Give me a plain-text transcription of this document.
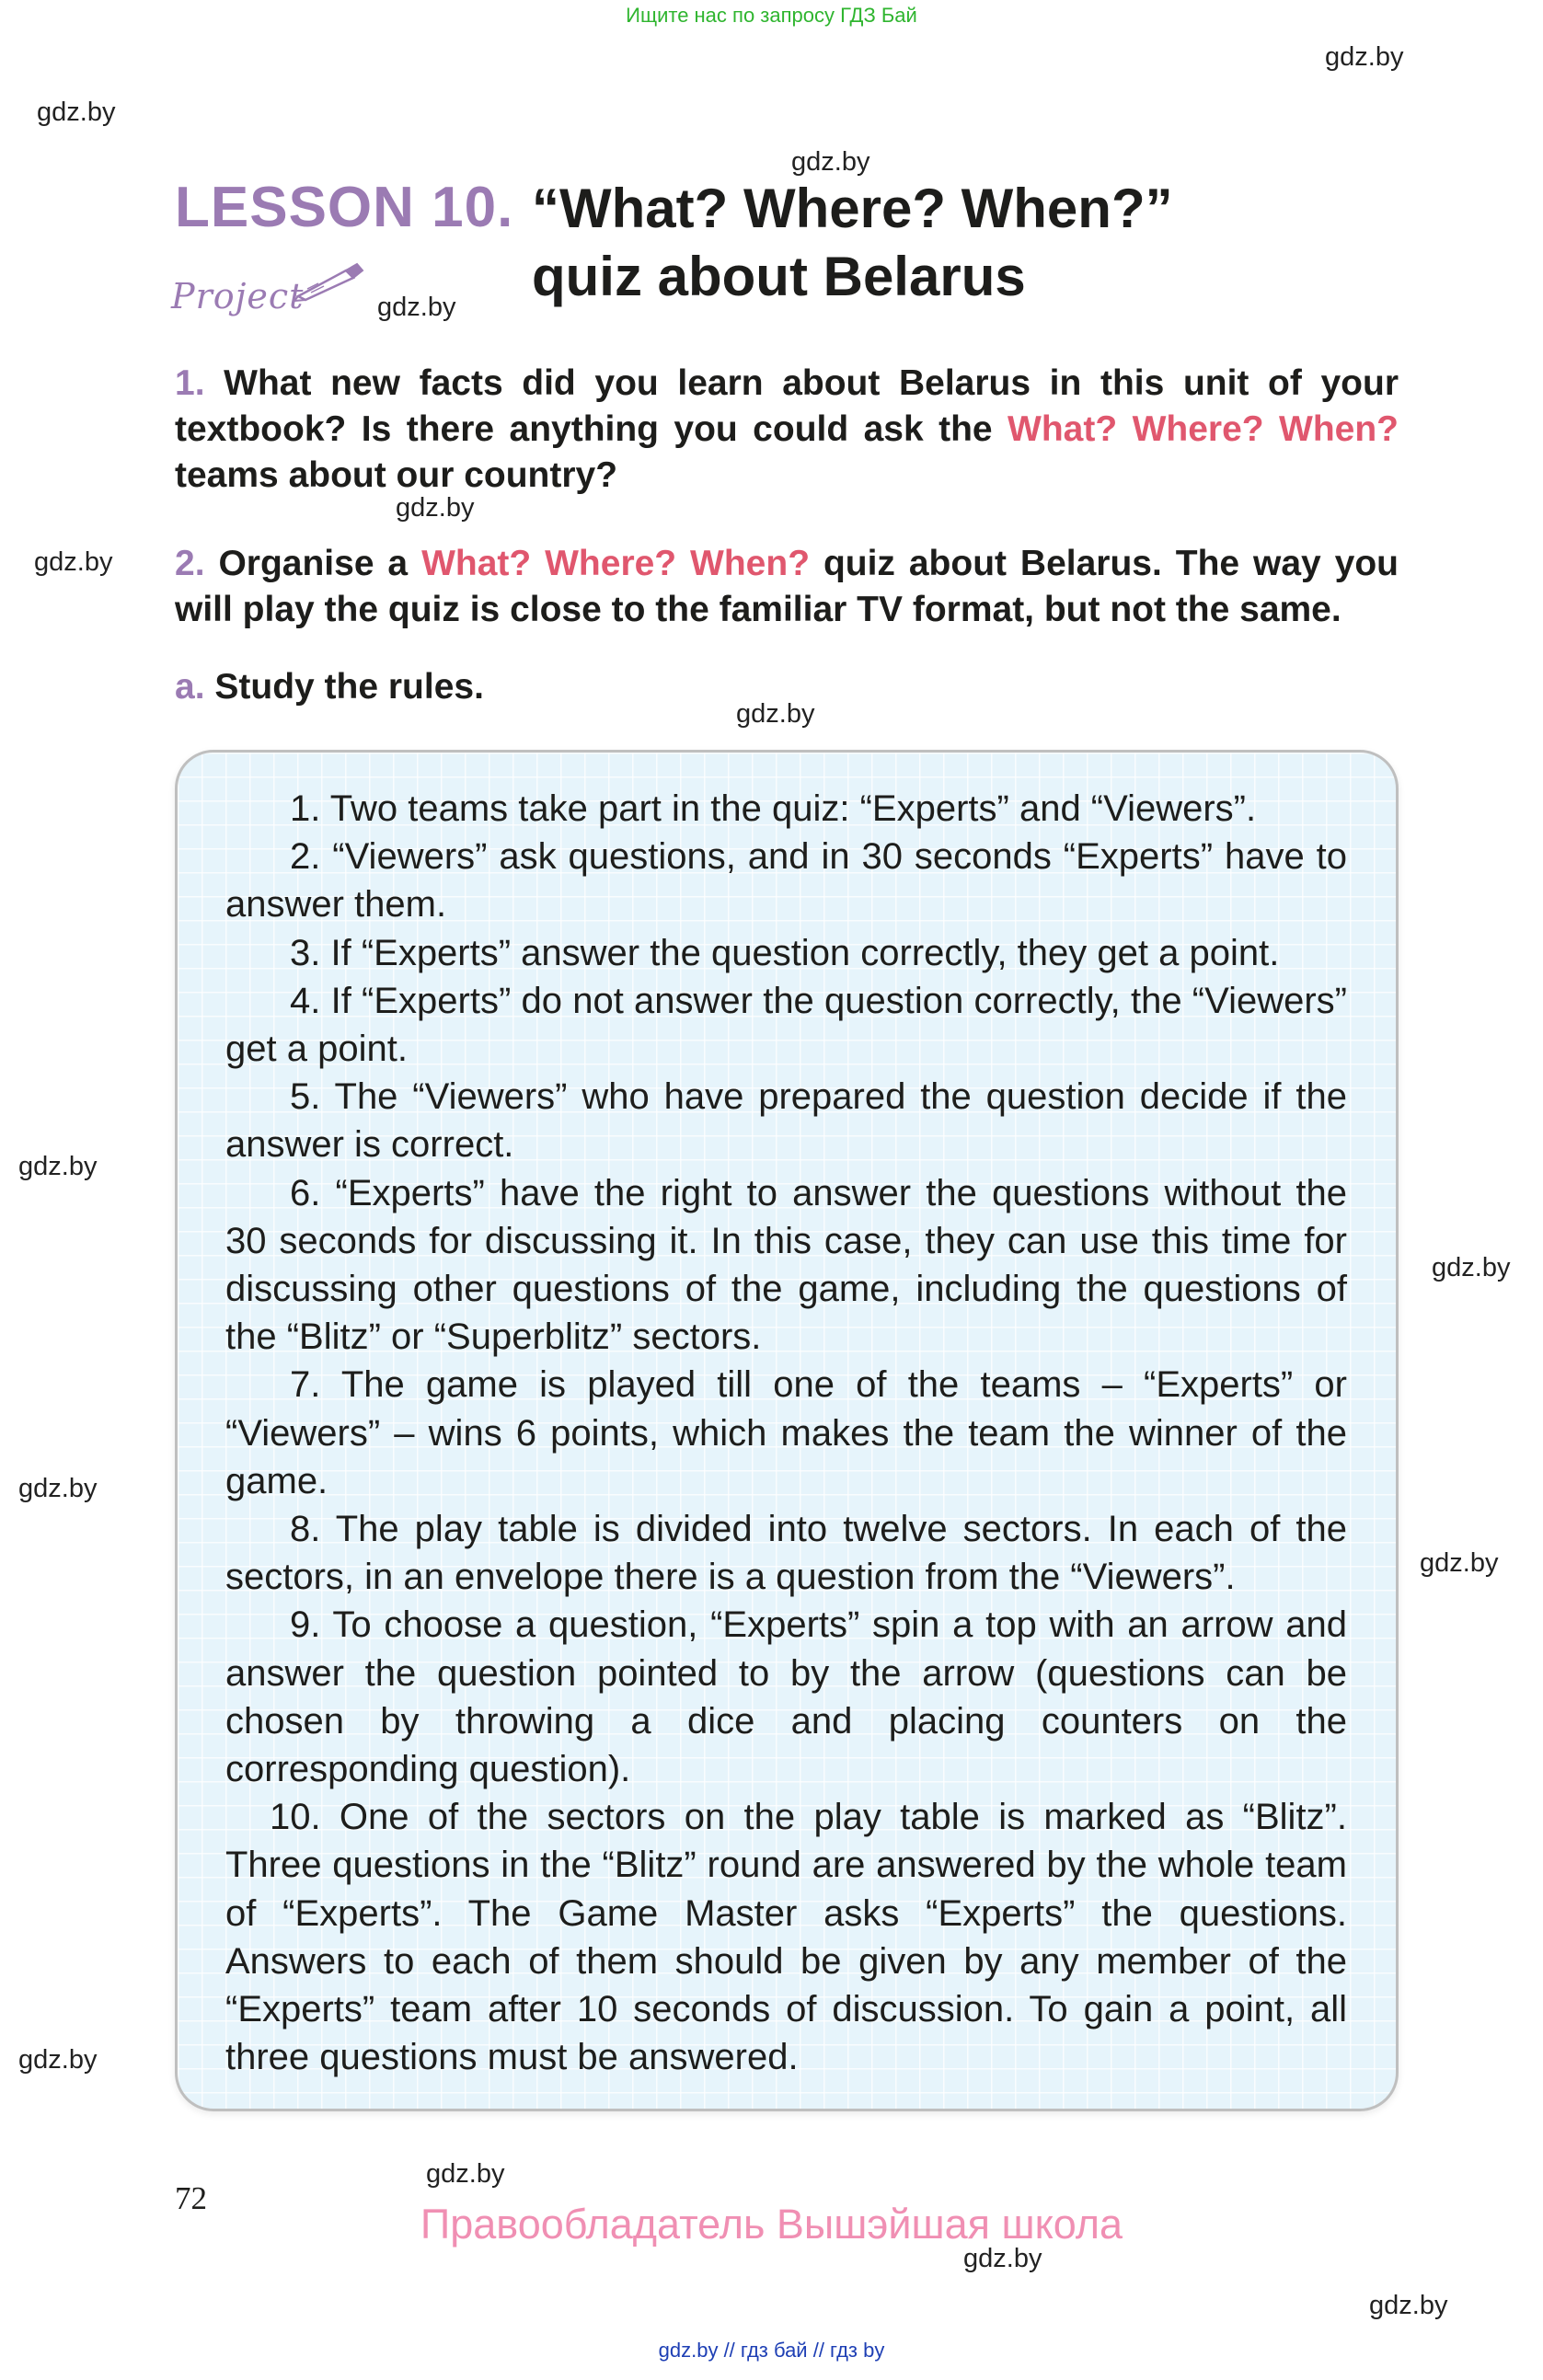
Ищите нас по запросу ГДЗ Бай
gdz.by
gdz.by
gdz.by
gdz.by
gdz.by
gdz.by
gdz.by
gdz.by
gdz.by
gdz.by
gdz.by
gdz.by
gdz.by
gdz.by
gdz.by
LESSON 10. “What? Where? When?”
quiz about Belarus
Project
1. What new facts did you learn about Belarus in this unit of your textbook? Is there anything you could ask the What? Where? When? teams about our country?
2. Organise a What? Where? When? quiz about Belarus. The way you will play the quiz is close to the familiar TV format, but not the same.
a. Study the rules.

1. Two teams take part in the quiz: “Experts” and “Viewers”.

2. “Viewers” ask questions, and in 30 seconds “Experts” have to answer them.

3. If “Experts” answer the question correctly, they get a point.

4. If “Experts” do not answer the question correctly, the “Viewers” get a point.

5. The “Viewers” who have prepared the question decide if the answer is correct.

6. “Experts” have the right to answer the questions without the 30 seconds for discussing it. In this case, they can use this time for discussing other questions of the game, including the questions of the “Blitz” or “Superblitz” sectors.

7. The game is played till one of the teams – “Experts” or “Viewers” – wins 6 points, which makes the team the winner of the game.

8. The play table is divided into twelve sectors. In each of the sectors, in an envelope there is a question from the “Viewers”.

9. To choose a question, “Experts” spin a top with an arrow and answer the question pointed to by the arrow (questions can be chosen by throwing a dice and placing counters on the corresponding question).

10. One of the sectors on the play table is marked as “Blitz”. Three questions in the “Blitz” round are answered by the whole team of “Experts”. The Game Master asks “Experts” the questions. Answers to each of them should be given by any member of the “Experts” team after 10 seconds of discussion. To gain a point, all three questions must be answered.

72
Правообладатель Вышэйшая школа
gdz.by // гдз бай // гдз by
